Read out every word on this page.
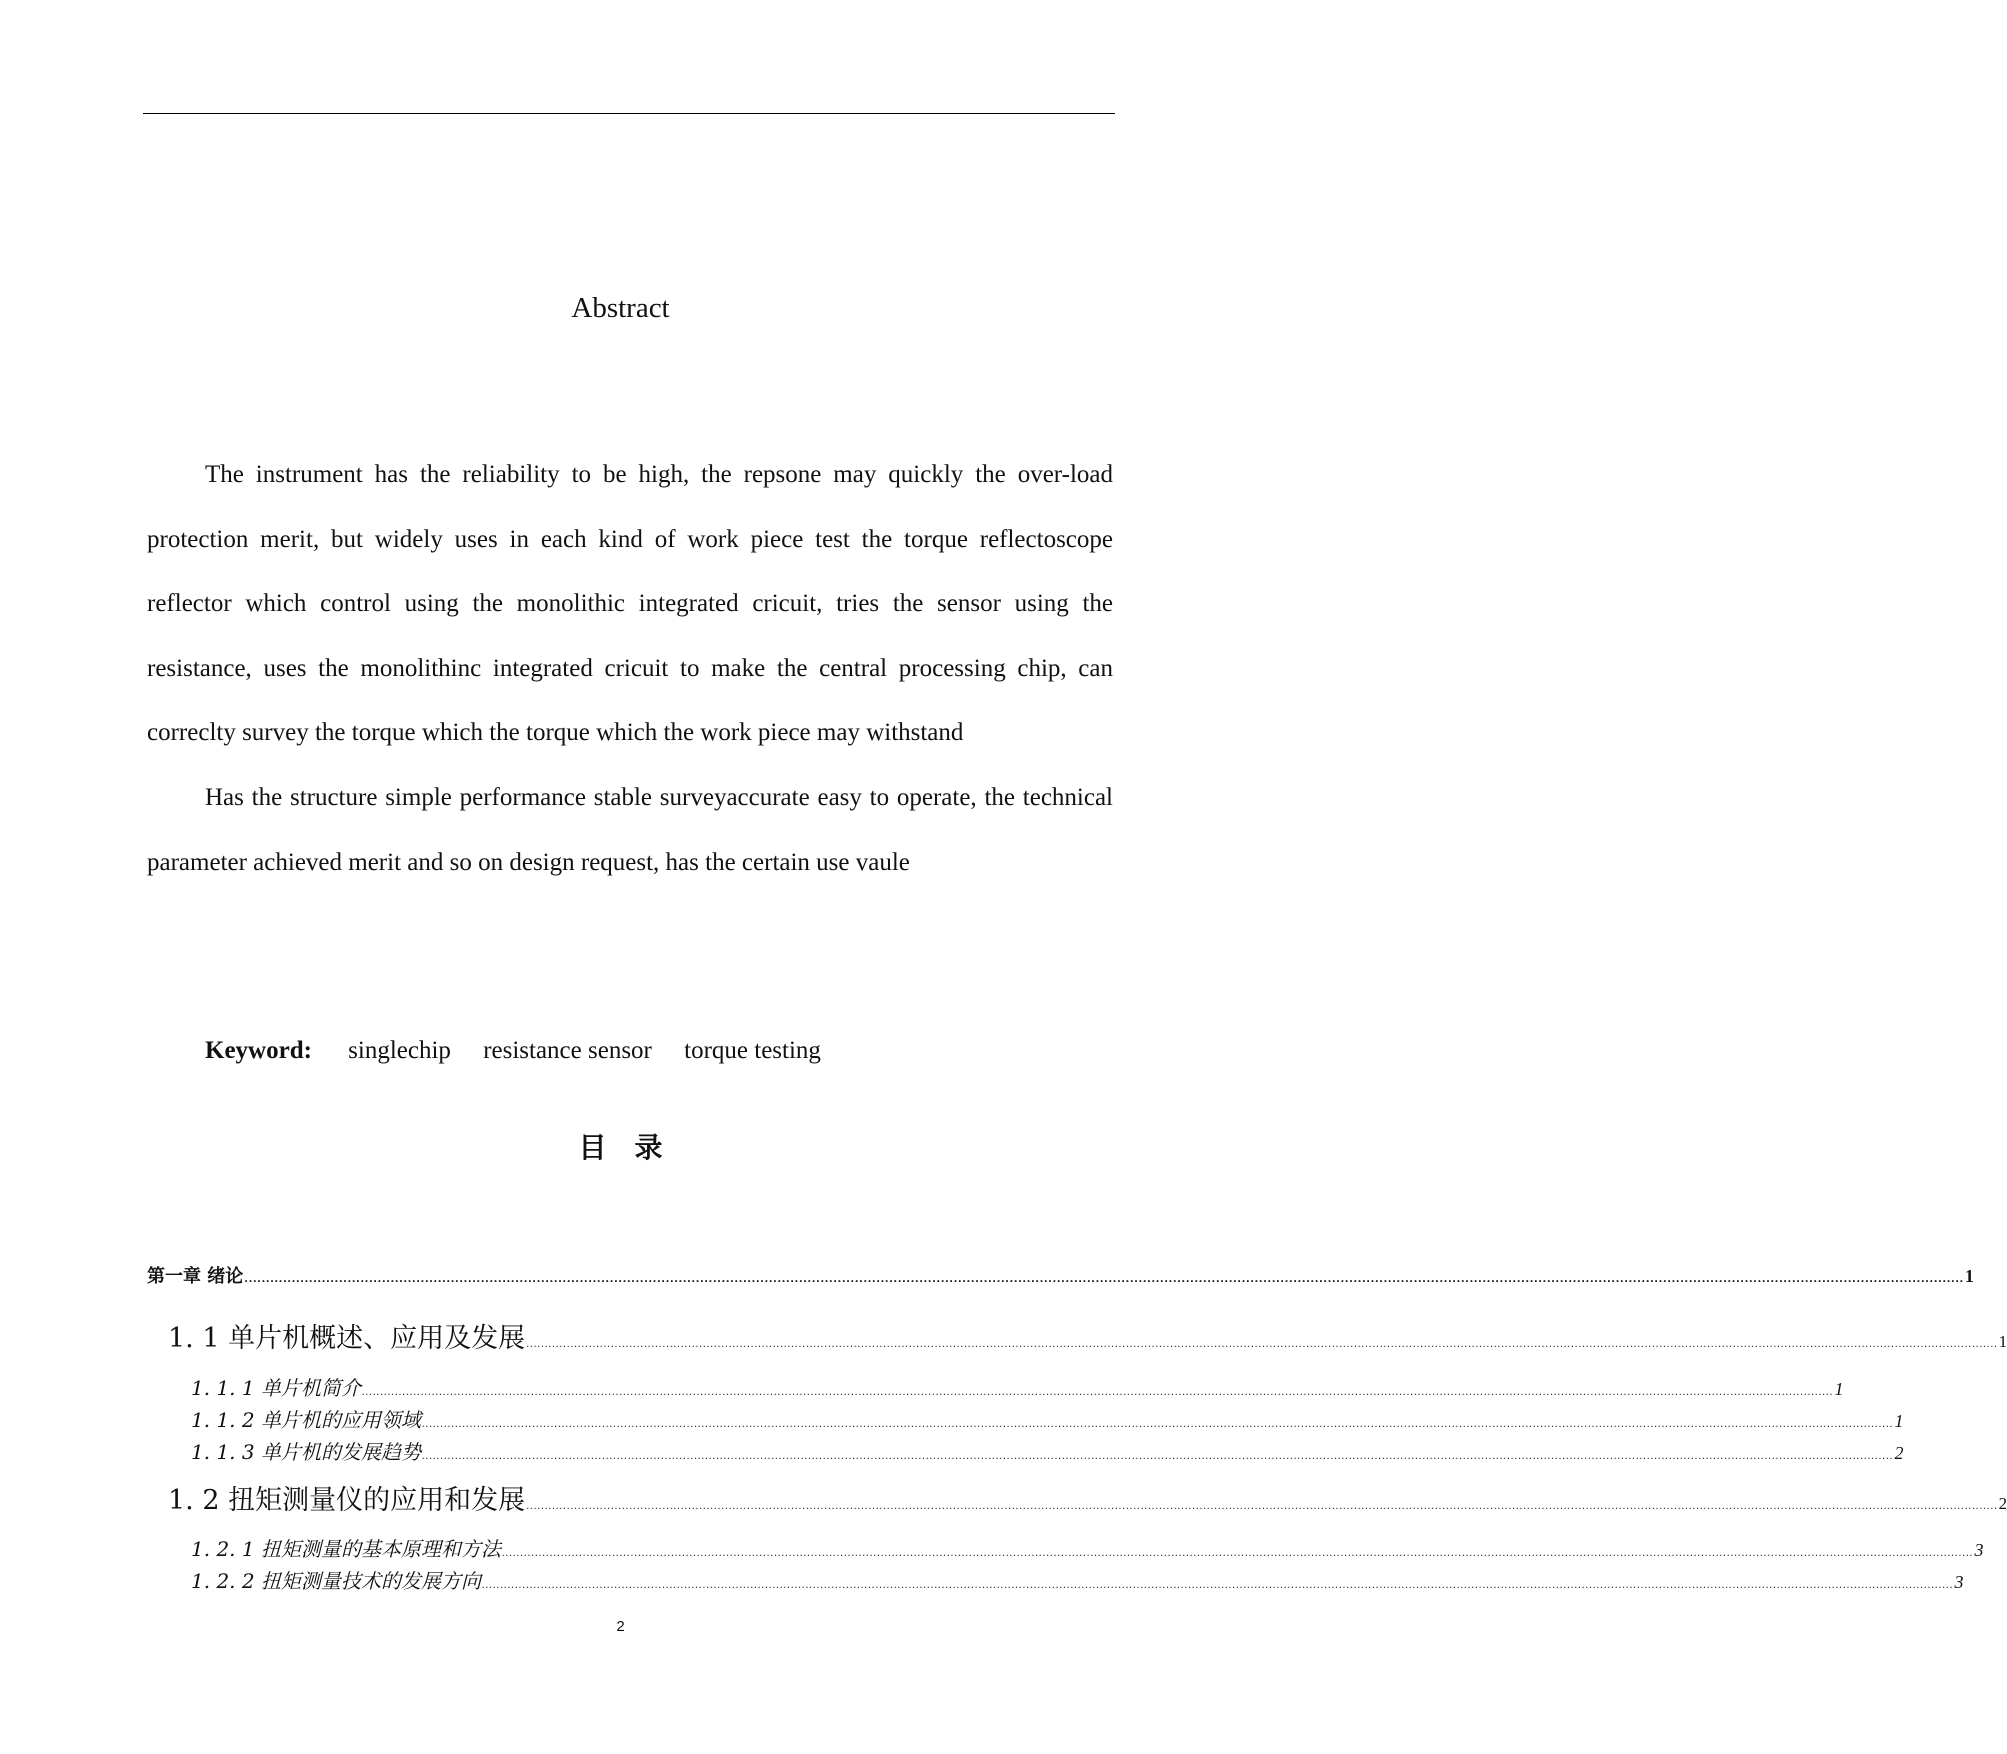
Abstract

The instrument has the reliability to be high, the repsone may quickly the over-load protection merit, but widely uses in each kind of work piece test the torque reflectoscope reflector which control using the monolithic integrated cricuit, tries the sensor using the resistance, uses the monolithinc integrated cricuit to make the central processing chip, can correclty survey the torque which the torque which the work piece may withstand

Has the structure simple performance stable surveyaccurate easy to operate, the technical parameter achieved merit and so on design request, has the certain use vaule

Keyword: singlechip resistance sensor torque testing
目录
第一章 绪论 ................................................................................................................................................................................................................................................................................................................................................................................................................ 1
1. 1 单片机概述、应用及发展 ................................................................................................................................................................................................................................................................................................................................................................................................................ 1
1. 1. 1 单片机简介 ................................................................................................................................................................................................................................................................................................................................................................................................................ 1
1. 1. 2 单片机的应用领域 ................................................................................................................................................................................................................................................................................................................................................................................................................ 1
1. 1. 3 单片机的发展趋势 ................................................................................................................................................................................................................................................................................................................................................................................................................ 2
1. 2 扭矩测量仪的应用和发展 ................................................................................................................................................................................................................................................................................................................................................................................................................ 2
1. 2. 1 扭矩测量的基本原理和方法 ................................................................................................................................................................................................................................................................................................................................................................................................................ 3
1. 2. 2 扭矩测量技术的发展方向 ................................................................................................................................................................................................................................................................................................................................................................................................................ 3
2
